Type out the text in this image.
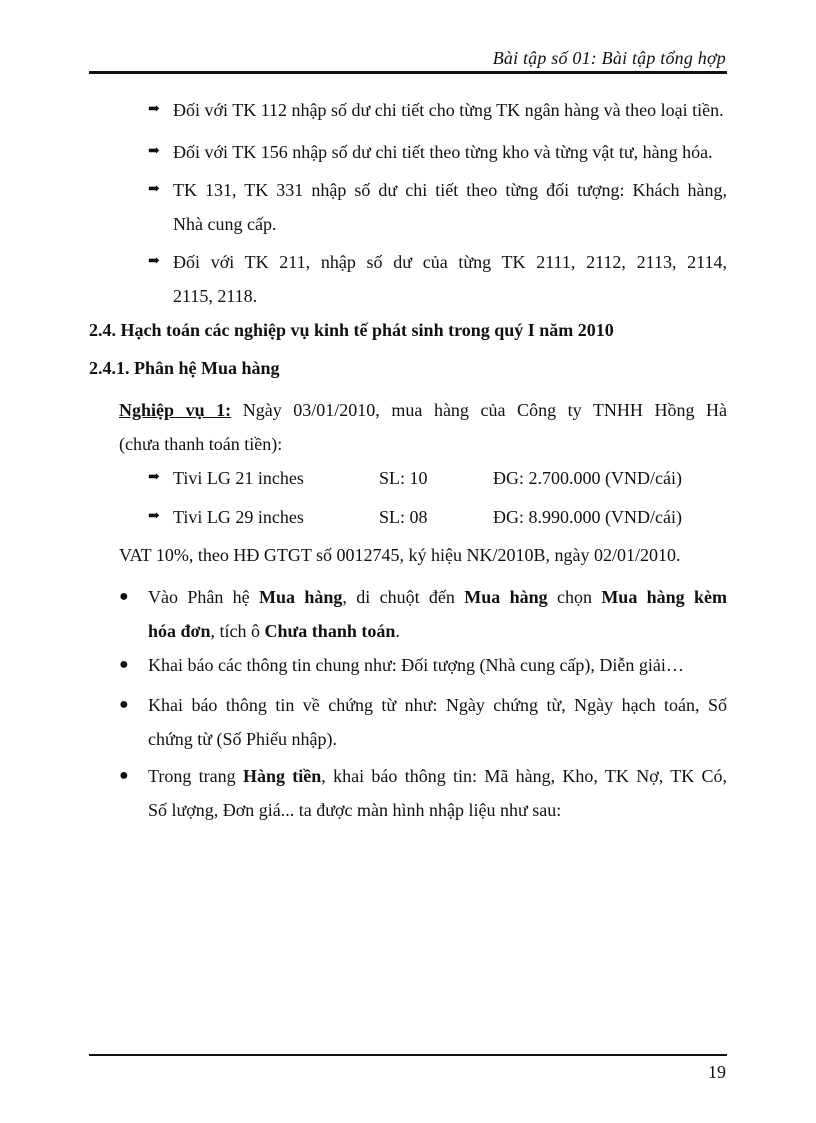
Bài tập số 01: Bài tập tổng hợp
➡ Đối với TK 112 nhập số dư chi tiết cho từng TK ngân hàng và theo loại tiền.
➡ Đối với TK 156 nhập số dư chi tiết theo từng kho và từng vật tư, hàng hóa.
➡ TK 131, TK 331 nhập số dư chi tiết theo từng đối tượng: Khách hàng,
Nhà cung cấp.
➡ Đối với TK 211, nhập số dư của từng TK 2111, 2112, 2113, 2114,
2115, 2118.
2.4. Hạch toán các nghiệp vụ kinh tế phát sinh trong quý I năm 2010
2.4.1. Phân hệ Mua hàng
Nghiệp vụ 1: Ngày 03/01/2010, mua hàng của Công ty TNHH Hồng Hà
(chưa thanh toán tiền):
➡ Tivi LG 21 inches	SL: 10	ĐG: 2.700.000 (VND/cái)
➡ Tivi LG 29 inches	SL: 08	ĐG: 8.990.000 (VND/cái)
VAT 10%, theo HĐ GTGT số 0012745, ký hiệu NK/2010B, ngày 02/01/2010.
● Vào Phân hệ Mua hàng, di chuột đến Mua hàng chọn Mua hàng kèm
hóa đơn, tích ô Chưa thanh toán.
● Khai báo các thông tin chung như: Đối tượng (Nhà cung cấp), Diễn giải…
● Khai báo thông tin về chứng từ như: Ngày chứng từ, Ngày hạch toán, Số
chứng từ (Số Phiếu nhập).
● Trong trang Hàng tiền, khai báo thông tin: Mã hàng, Kho, TK Nợ, TK Có,
Số lượng, Đơn giá... ta được màn hình nhập liệu như sau:
19
